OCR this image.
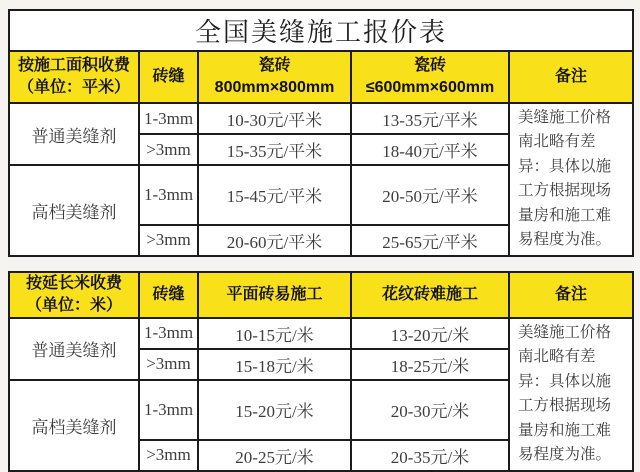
全国美缝施工报价表				

按施工面积收费
（单位：平米）	砖缝	瓷砖800mm×800mm	瓷砖≤600mm×600mm	备注
普通美缝剂	1-3mm	10-30元/平米	13-35元/平米	美缝施工价格南北略有差异：具体以施工方根据现场量房和施工难易程度为准。
	>3mm	15-35元/平米	18-40元/平米	
高档美缝剂	1-3mm	15-45元/平米	20-50元/平米	
	>3mm	20-60元/平米	25-65元/平米	
按延长米收费
（单位：米）	砖缝	平面砖易施工	花纹砖难施工	备注
普通美缝剂	1-3mm	10-15元/米	13-20元/米	美缝施工价格南北略有差异：具体以施工方根据现场量房和施工难易程度为准。
	>3mm	15-18元/米	18-25元/米	
高档美缝剂	1-3mm	15-20元/米	20-30元/米	
	>3mm	20-25元/米	20-35元/米	
